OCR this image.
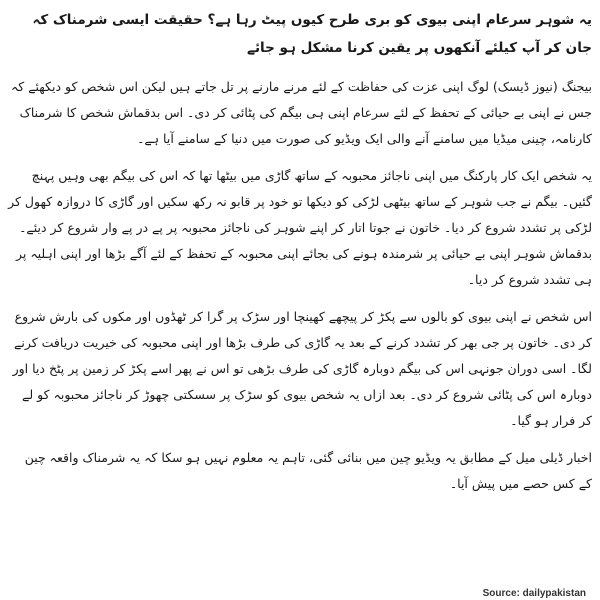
یہ شوہر سرعام اپنی بیوی کو بری طرح کیوں پیٹ رہا ہے؟ حقیقت ایسی شرمناک کہ جان کر آپ کیلئے آنکھوں پر یقین کرنا مشکل ہو جائے

بیجنگ (نیوز ڈیسک) لوگ اپنی عزت کی حفاظت کے لئے مرنے مارنے پر تل جاتے ہیں لیکن اس شخص کو دیکھئے کہ جس نے اپنی بے حیائی کے تحفظ کے لئے سرعام اپنی ہی بیگم کی پٹائی کر دی۔ اس بدقماش شخص کا شرمناک کارنامہ، چینی میڈیا میں سامنے آنے والی ایک ویڈیو کی صورت میں دنیا کے سامنے آیا ہے۔

یہ شخص ایک کار پارکنگ میں اپنی ناجائز محبوبہ کے ساتھ گاڑی میں بیٹھا تھا کہ اس کی بیگم بھی وہیں پہنچ گئیں۔ بیگم نے جب شوہر کے ساتھ بیٹھی لڑکی کو دیکھا تو خود پر قابو نہ رکھ سکیں اور گاڑی کا دروازہ کھول کر لڑکی پر تشدد شروع کر دیا۔ خاتون نے جوتا اتار کر اپنے شوہر کی ناجائز محبوبہ پر پے در پے وار شروع کر دیئے۔ بدقماش شوہر اپنی بے حیائی پر شرمندہ ہونے کی بجائے اپنی محبوبہ کے تحفظ کے لئے آگے بڑھا اور اپنی اہلیہ پر ہی تشدد شروع کر دیا۔

اس شخص نے اپنی بیوی کو بالوں سے پکڑ کر پیچھے کھینچا اور سڑک پر گرا کر ٹھڈوں اور مکوں کی بارش شروع کر دی۔ خاتون پر جی بھر کر تشدد کرنے کے بعد یہ گاڑی کی طرف بڑھا اور اپنی محبوبہ کی خیریت دریافت کرنے لگا۔ اسی دوران جونہی اس کی بیگم دوبارہ گاڑی کی طرف بڑھی تو اس نے پھر اسے پکڑ کر زمین پر پٹخ دیا اور دوبارہ اس کی پٹائی شروع کر دی۔ بعد ازاں یہ شخص بیوی کو سڑک پر سسکتی چھوڑ کر ناجائز محبوبہ کو لے کر فرار ہو گیا۔

اخبار ڈیلی میل کے مطابق یہ ویڈیو چین میں بنائی گئی، تاہم یہ معلوم نہیں ہو سکا کہ یہ شرمناک واقعہ چین کے کس حصے میں پیش آیا۔

Source: dailypakistan
